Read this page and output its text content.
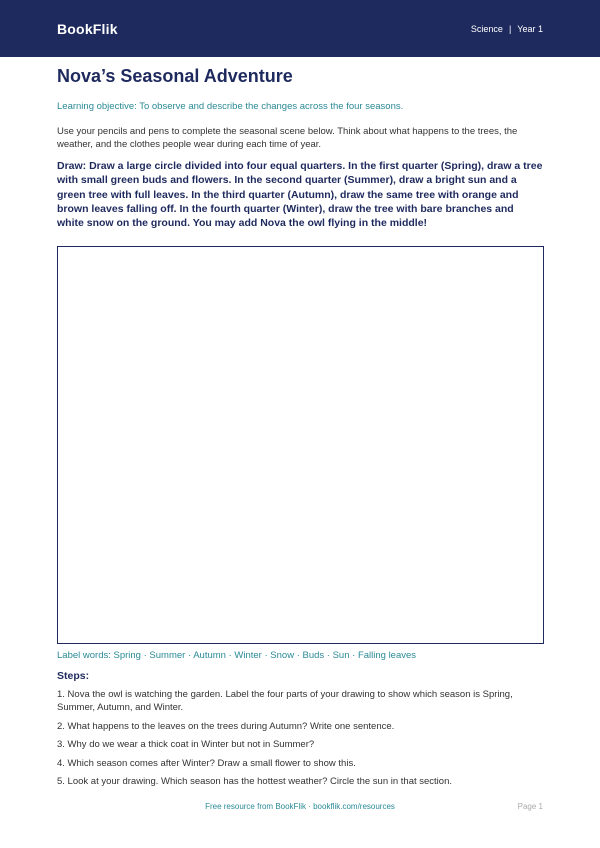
BookFlik	Science | Year 1
Nova’s Seasonal Adventure

Learning objective: To observe and describe the changes across the four seasons.

Use your pencils and pens to complete the seasonal scene below. Think about what happens to the trees, the weather, and the clothes people wear during each time of year.

Draw: Draw a large circle divided into four equal quarters. In the first quarter (Spring), draw a tree with small green buds and flowers. In the second quarter (Summer), draw a bright sun and a green tree with full leaves. In the third quarter (Autumn), draw the same tree with orange and brown leaves falling off. In the fourth quarter (Winter), draw the tree with bare branches and white snow on the ground. You may add Nova the owl flying in the middle!

Label words: Spring · Summer · Autumn · Winter · Snow · Buds · Sun · Falling leaves

Steps:
1. Nova the owl is watching the garden. Label the four parts of your drawing to show which season is Spring, Summer, Autumn, and Winter.
2. What happens to the leaves on the trees during Autumn? Write one sentence.
3. Why do we wear a thick coat in Winter but not in Summer?
4. Which season comes after Winter? Draw a small flower to show this.
5. Look at your drawing. Which season has the hottest weather? Circle the sun in that section.
Free resource from BookFlik · bookflik.com/resources	Page 1
